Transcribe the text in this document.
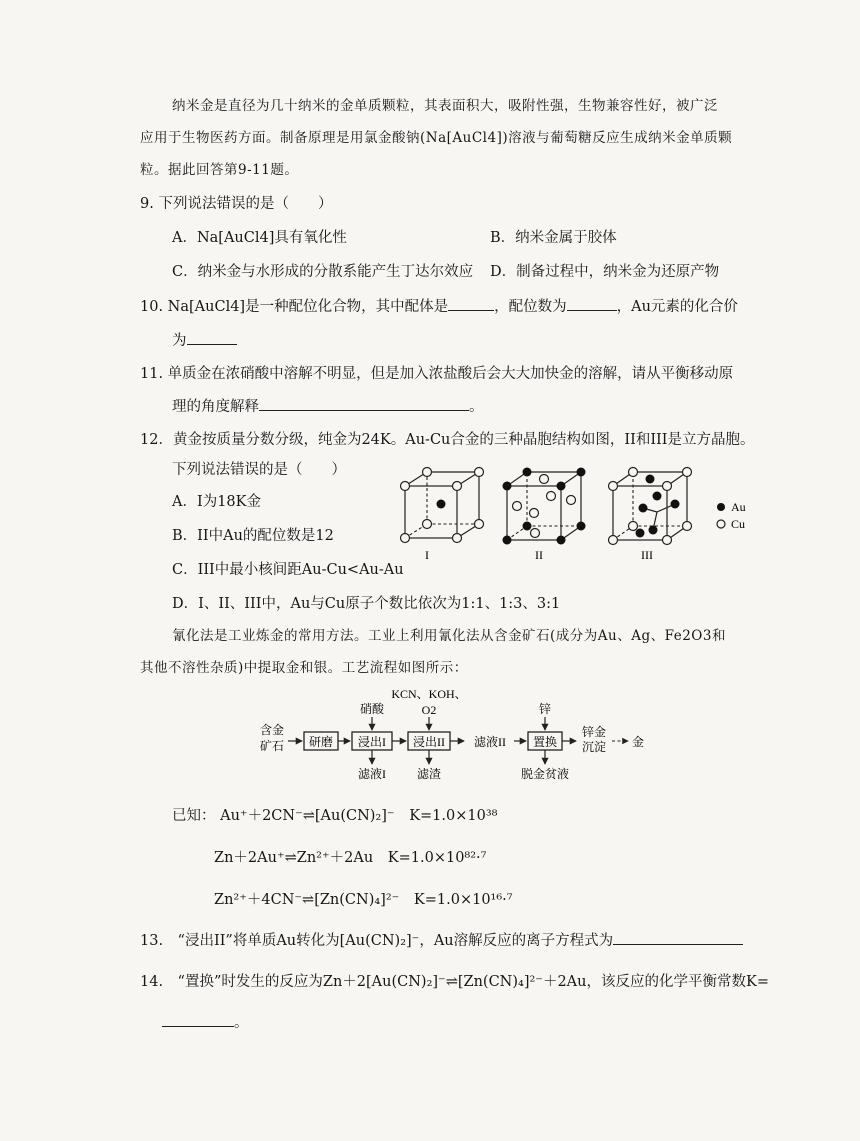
纳米金是直径为几十纳米的金单质颗粒，其表面积大，吸附性强，生物兼容性好，被广泛
应用于生物医药方面。制备原理是用氯金酸钠(Na[AuCl4])溶液与葡萄糖反应生成纳米金单质颗
粒。据此回答第9-11题。
9. 下列说法错误的是（　　）
A．Na[AuCl4]具有氧化性	B．纳米金属于胶体
C．纳米金与水形成的分散系能产生丁达尔效应 D．制备过程中，纳米金为还原产物
10. Na[AuCl4]是一种配位化合物，其中配体是	，配位数为	，Au元素的化合价
为
11. 单质金在浓硝酸中溶解不明显，但是加入浓盐酸后会大大加快金的溶解，请从平衡移动原
理的角度解释	。
12．黄金按质量分数分级，纯金为24K。Au-Cu合金的三种晶胞结构如图，II和III是立方晶胞。
下列说法错误的是（　　）
A．I为18K金
B．II中Au的配位数是12
C．III中最小核间距Au-Cu<Au-Au
D．I、II、III中，Au与Cu原子个数比依次为1:1、1:3、3:1
I	II	III
Au
Cu
氰化法是工业炼金的常用方法。工业上利用氰化法从含金矿石(成分为Au、Ag、Fe2O3和
其他不溶性杂质)中提取金和银。工艺流程如图所示：
含金
矿石 研磨 浸出I
硝酸
滤液I
浸出II
KCN、KOH、
O2
滤渣
滤液II 置换
锌
脱金贫液
锌金
沉淀 金
已知： Au⁺＋2CN⁻⇌[Au(CN)₂]⁻ K=1.0×10³⁸
Zn＋2Au⁺⇌Zn²⁺＋2Au K=1.0×10⁸²·⁷
Zn²⁺＋4CN⁻⇌[Zn(CN)₄]²⁻ K=1.0×10¹⁶·⁷
13.　“浸出II”将单质Au转化为[Au(CN)₂]⁻，Au溶解反应的离子方程式为
14.　“置换”时发生的反应为Zn＋2[Au(CN)₂]⁻⇌[Zn(CN)₄]²⁻＋2Au，该反应的化学平衡常数K=
。
